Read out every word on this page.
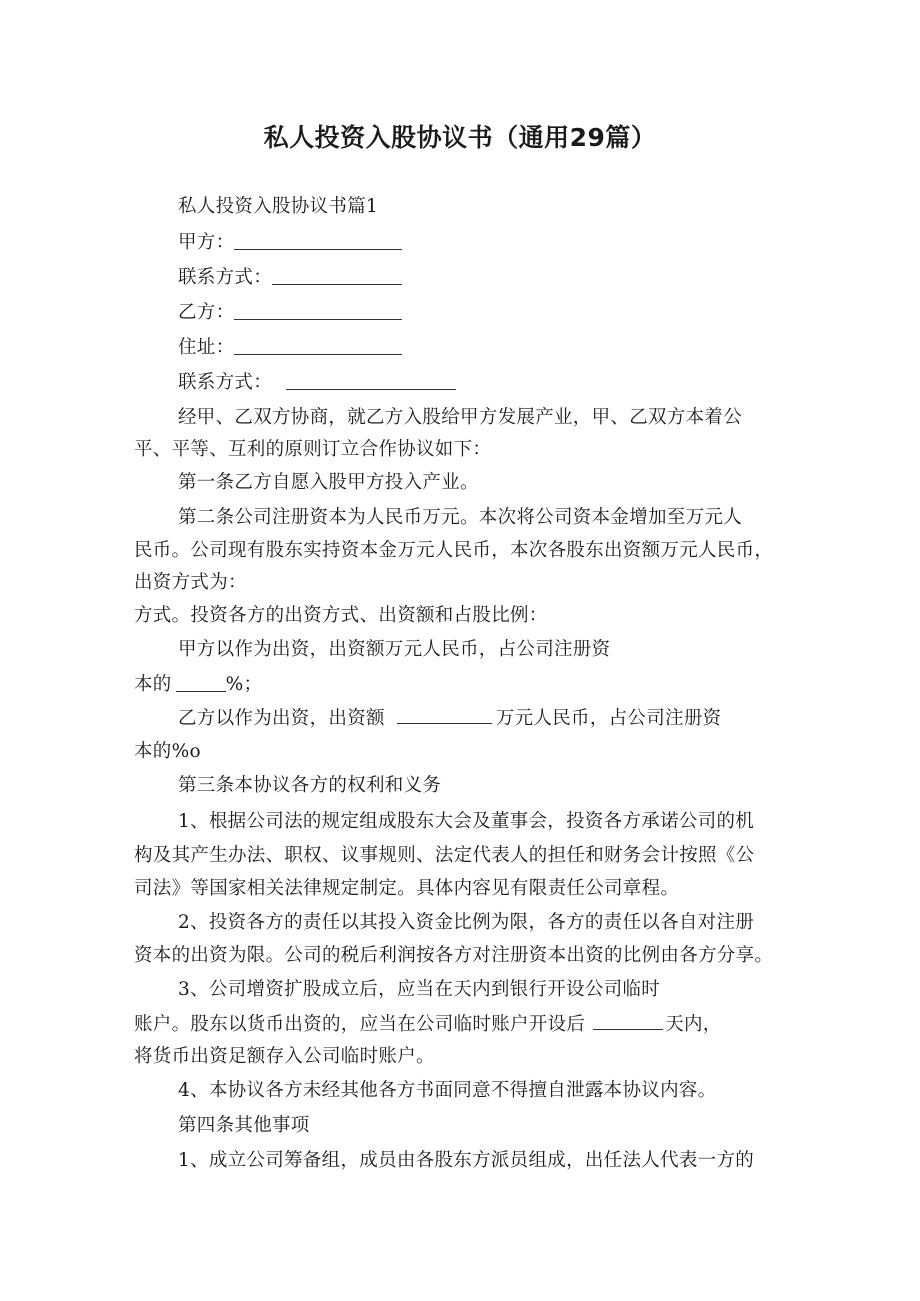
私人投资入股协议书（通用29篇）
私人投资入股协议书篇1
甲方：
联系方式：
乙方：
住址：
联系方式：
经甲、乙双方协商，就乙方入股给甲方发展产业，甲、乙双方本着公
平、平等、互利的原则订立合作协议如下：
第一条乙方自愿入股甲方投入产业。
第二条公司注册资本为人民币万元。本次将公司资本金增加至万元人
民币。公司现有股东实持资本金万元人民币，本次各股东出资额万元人民币，
出资方式为：
方式。投资各方的出资方式、出资额和占股比例：
甲方以作为出资，出资额万元人民币，占公司注册资
本的	%；
乙方以作为出资，出资额	万元人民币，占公司注册资
本的%o
第三条本协议各方的权利和义务
1、根据公司法的规定组成股东大会及董事会，投资各方承诺公司的机
构及其产生办法、职权、议事规则、法定代表人的担任和财务会计按照《公
司法》等国家相关法律规定制定。具体内容见有限责任公司章程。
2、投资各方的责任以其投入资金比例为限，各方的责任以各自对注册
资本的出资为限。公司的税后利润按各方对注册资本出资的比例由各方分享。
3、公司增资扩股成立后，应当在天内到银行开设公司临时
账户。股东以货币出资的，应当在公司临时账户开设后	天内，
将货币出资足额存入公司临时账户。
4、本协议各方未经其他各方书面同意不得擅自泄露本协议内容。
第四条其他事项
1、成立公司筹备组，成员由各股东方派员组成，出任法人代表一方的
